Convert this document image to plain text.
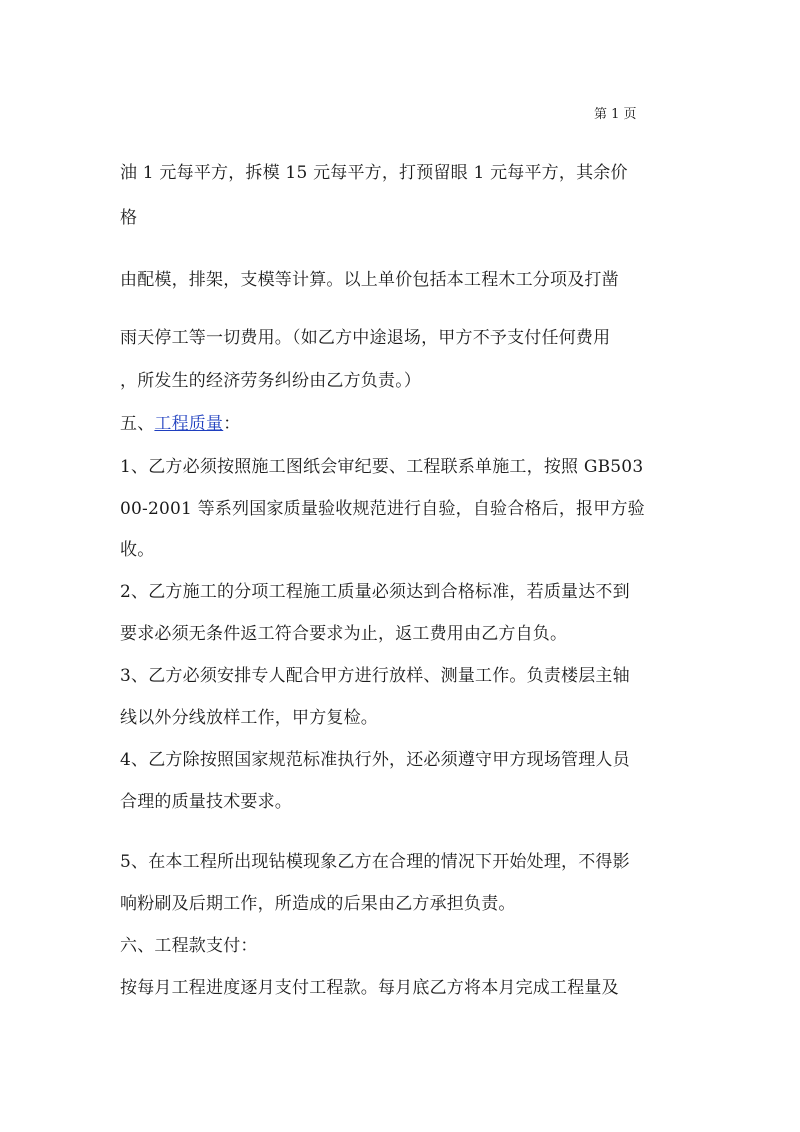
第 1 页
油 1 元每平方，拆模 15 元每平方，打预留眼 1 元每平方，其余价
格
由配模，排架，支模等计算。以上单价包括本工程木工分项及打凿
雨天停工等一切费用。（如乙方中途退场，甲方不予支付任何费用
，所发生的经济劳务纠纷由乙方负责。）
五、工程质量：
1、乙方必须按照施工图纸会审纪要、工程联系单施工，按照 GB503
00-2001 等系列国家质量验收规范进行自验，自验合格后，报甲方验
收。
2、乙方施工的分项工程施工质量必须达到合格标准，若质量达不到
要求必须无条件返工符合要求为止，返工费用由乙方自负。
3、乙方必须安排专人配合甲方进行放样、测量工作。负责楼层主轴
线以外分线放样工作，甲方复检。
4、乙方除按照国家规范标准执行外，还必须遵守甲方现场管理人员
合理的质量技术要求。
5、在本工程所出现钻模现象乙方在合理的情况下开始处理，不得影
响粉刷及后期工作，所造成的后果由乙方承担负责。
六、工程款支付：
按每月工程进度逐月支付工程款。每月底乙方将本月完成工程量及
